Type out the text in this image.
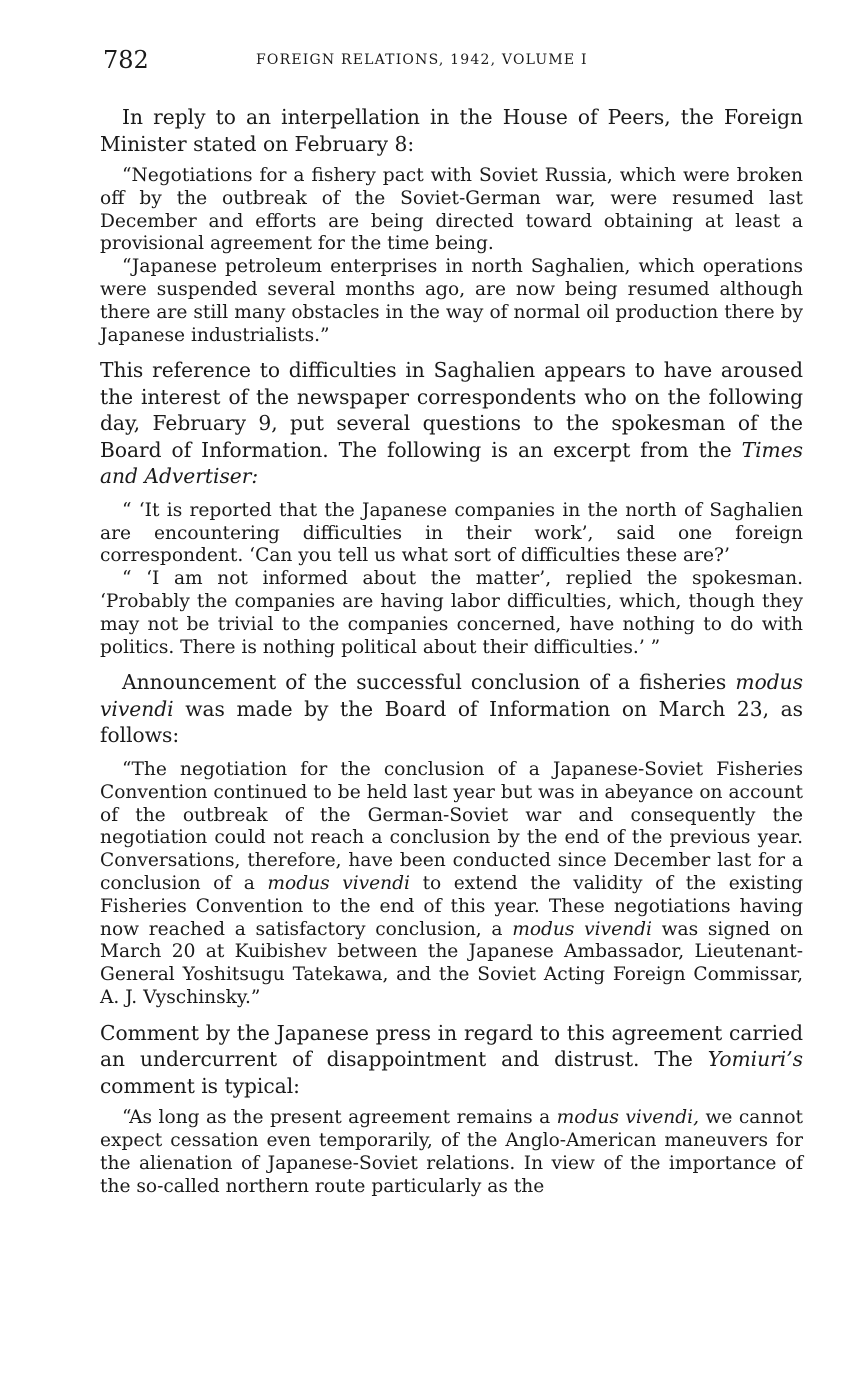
782	FOREIGN RELATIONS, 1942, VOLUME I

In reply to an interpellation in the House of Peers, the Foreign Minister stated on February 8:

“Negotiations for a fishery pact with Soviet Russia, which were broken off by the outbreak of the Soviet-German war, were resumed last December and efforts are being directed toward obtaining at least a provisional agreement for the time being.

“Japanese petroleum enterprises in north Saghalien, which operations were suspended several months ago, are now being resumed although there are still many obstacles in the way of normal oil production there by Japanese industrialists.”

This reference to difficulties in Saghalien appears to have aroused the interest of the newspaper correspondents who on the following day, February 9, put several questions to the spokesman of the Board of Information. The following is an excerpt from the Times and Advertiser:

“ ‘It is reported that the Japanese companies in the north of Saghalien are encountering difficulties in their work’, said one foreign correspondent. ‘Can you tell us what sort of difficulties these are?’

“ ‘I am not informed about the matter’, replied the spokesman. ‘Probably the companies are having labor difficulties, which, though they may not be trivial to the companies concerned, have nothing to do with politics. There is nothing political about their difficulties.’ ”

Announcement of the successful conclusion of a fisheries modus vivendi was made by the Board of Information on March 23, as follows:

“The negotiation for the conclusion of a Japanese-Soviet Fisheries Convention continued to be held last year but was in abeyance on account of the outbreak of the German-Soviet war and consequently the negotiation could not reach a conclusion by the end of the previous year. Conversations, therefore, have been conducted since December last for a conclusion of a modus vivendi to extend the validity of the existing Fisheries Convention to the end of this year. These negotiations having now reached a satisfactory conclusion, a modus vivendi was signed on March 20 at Kuibishev between the Japanese Ambassador, Lieutenant-General Yoshitsugu Tatekawa, and the Soviet Acting Foreign Commissar, A. J. Vyschinsky.”

Comment by the Japanese press in regard to this agreement carried an undercurrent of disappointment and distrust. The Yomiuri’s comment is typical:

“As long as the present agreement remains a modus vivendi, we cannot expect cessation even temporarily, of the Anglo-American maneuvers for the alienation of Japanese-Soviet relations. In view of the importance of the so-called northern route particularly as the
